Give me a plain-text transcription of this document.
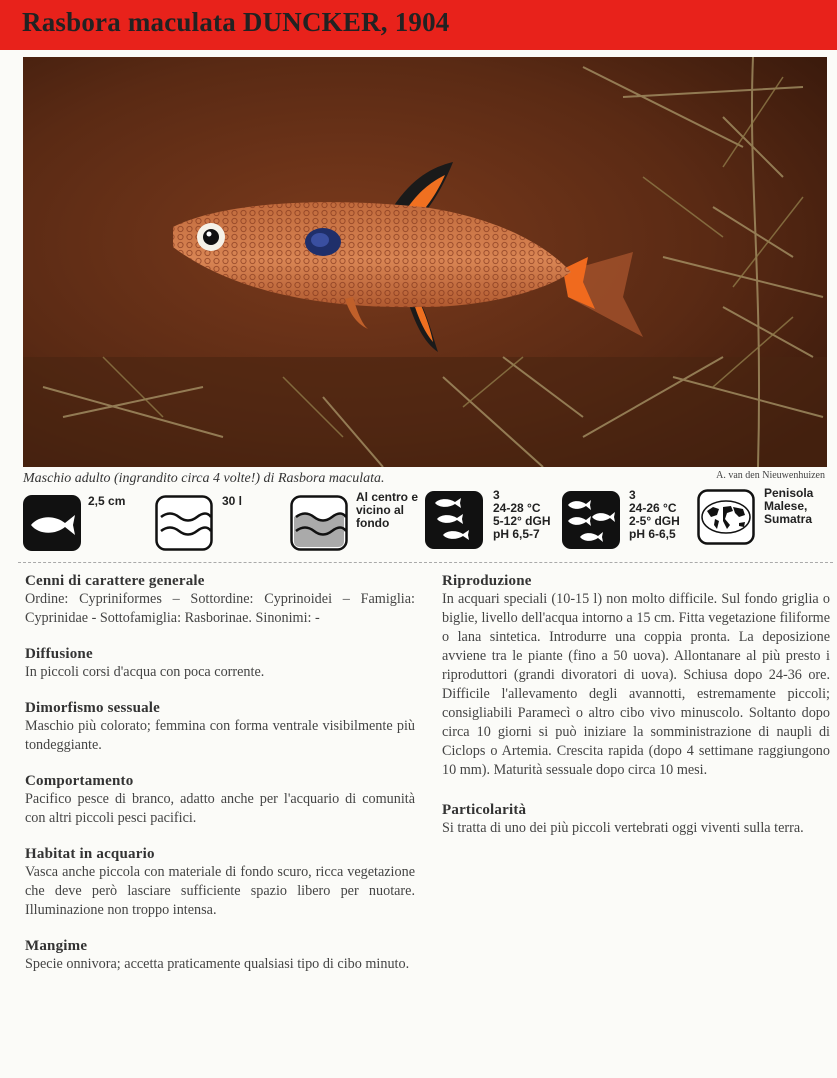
Rasbora maculata DUNCKER, 1904
Maschio adulto (ingrandito circa 4 volte!) di Rasbora maculata.	A. van den Nieuwenhuizen
2,5 cm	30 l	Al centro e
vicino al
fondo
3
24-28 °C
5-12° dGH
pH 6,5-7
3
24-26 °C
2-5° dGH
pH 6-6,5
Penisola
Malese,
Sumatra
Cenni di carattere generale

Ordine: Cypriniformes – Sottordine: Cyprinoidei – Famiglia: Cyprinidae - Sottofamiglia: Rasborinae. Sinonimi: -

Diffusione

In piccoli corsi d'acqua con poca corrente.

Dimorfismo sessuale

Maschio più colorato; femmina con forma ventrale visibilmente più tondeggiante.

Comportamento

Pacifico pesce di branco, adatto anche per l'acquario di comunità con altri piccoli pesci pacifici.

Habitat in acquario

Vasca anche piccola con materiale di fondo scuro, ricca vegetazione che deve però lasciare sufficiente spazio libero per nuotare. Illuminazione non troppo intensa.

Mangime

Specie onnivora; accetta praticamente qualsiasi tipo di cibo minuto.

Riproduzione

In acquari speciali (10-15 l) non molto difficile. Sul fondo griglia o biglie, livello dell'acqua intorno a 15 cm. Fitta vegetazione filiforme o lana sintetica. Introdurre una coppia pronta. La deposizione avviene tra le piante (fino a 50 uova). Allontanare al più presto i riproduttori (grandi divoratori di uova). Schiusa dopo 24-36 ore. Difficile l'allevamento degli avannotti, estremamente piccoli; consigliabili Paramecì o altro cibo vivo minuscolo. Soltanto dopo circa 10 giorni si può iniziare la somministrazione di naupli di Ciclops o Artemia. Crescita rapida (dopo 4 settimane raggiungono 10 mm). Maturità sessuale dopo circa 10 mesi.

Particolarità

Si tratta di uno dei più piccoli vertebrati oggi viventi sulla terra.
